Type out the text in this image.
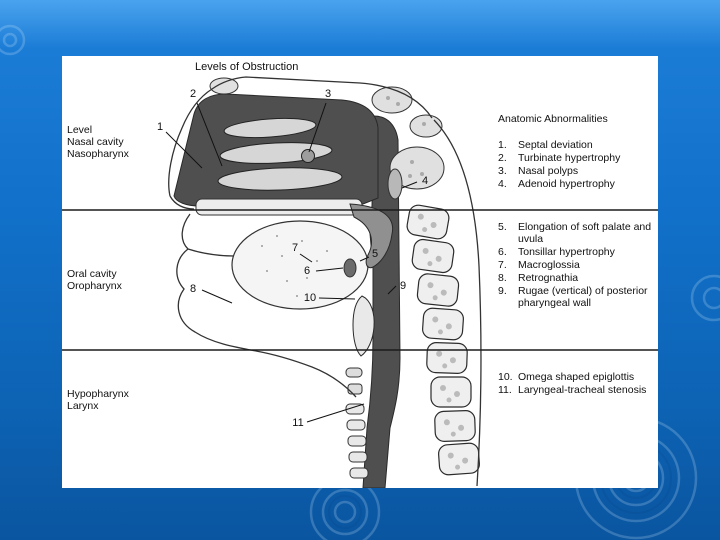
1
2	3
4
5
6
7
8	9
10
11
Levels of Obstruction
Level
Nasal cavity
Nasopharynx
Oral cavity
Oropharynx
Hypopharynx
Larynx
Anatomic Abnormalities
1.	Septal deviation
2.	Turbinate hypertrophy
3.	Nasal polyps
4.	Adenoid hypertrophy
5.	Elongation of soft palate and uvula
6.	Tonsillar hypertrophy
7.	Macroglossia
8.	Retrognathia
9.	Rugae (vertical) of posterior pharyngeal wall
10. Omega shaped epiglottis
11. Laryngeal-tracheal stenosis
